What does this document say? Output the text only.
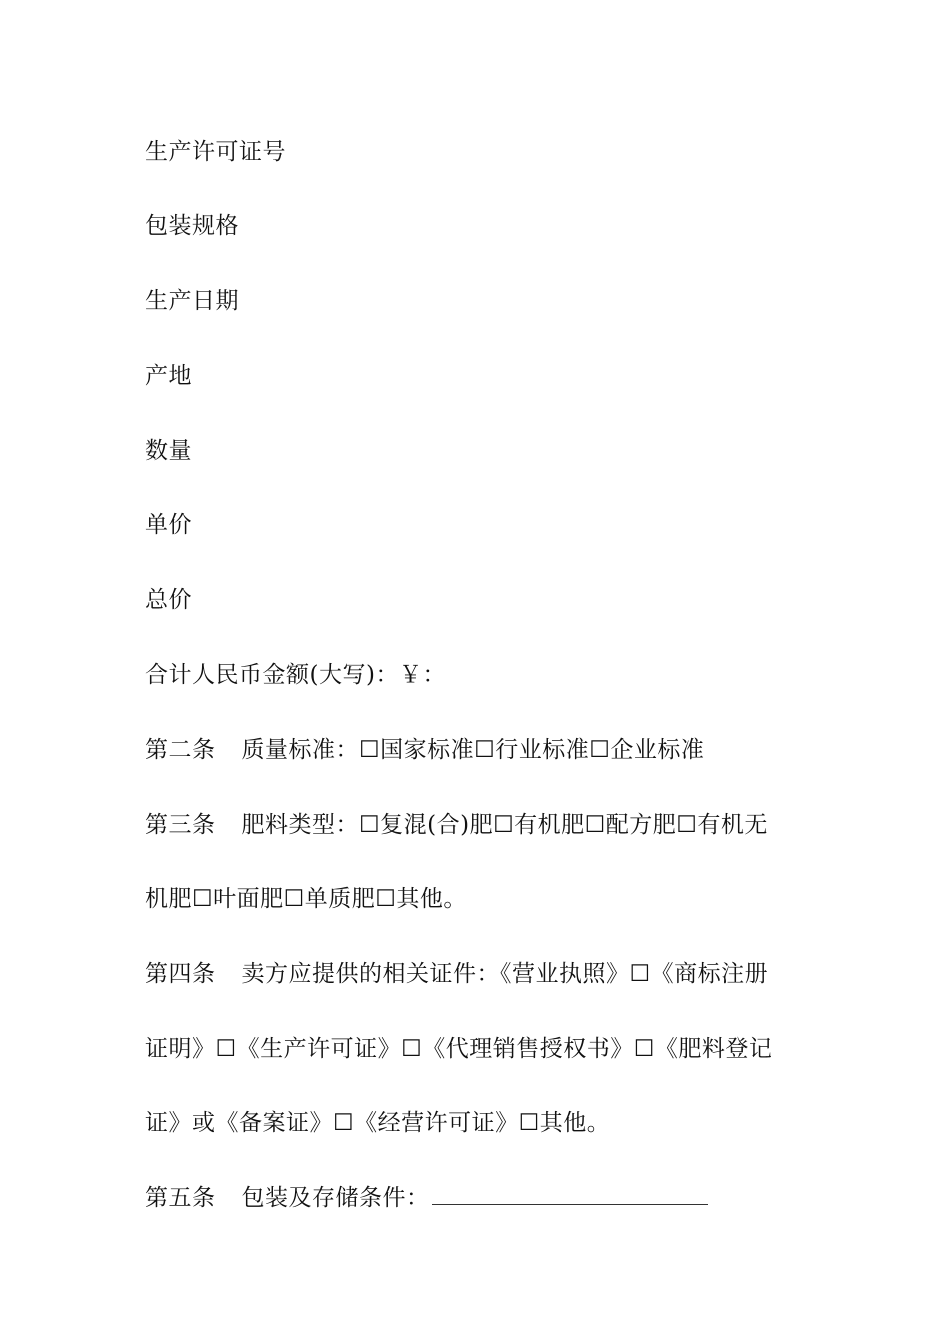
生产许可证号
包装规格
生产日期
产地
数量
单价
总价
合计人民币金额(大写)：￥：
第二条 质量标准：☐国家标准☐行业标准☐企业标准
第三条 肥料类型：☐复混(合)肥☐有机肥☐配方肥☐有机无
机肥☐叶面肥☐单质肥☐其他。
第四条 卖方应提供的相关证件：《营业执照》☐《商标注册
证明》☐《生产许可证》☐《代理销售授权书》☐《肥料登记
证》或《备案证》☐《经营许可证》☐其他。
第五条 包装及存储条件：
